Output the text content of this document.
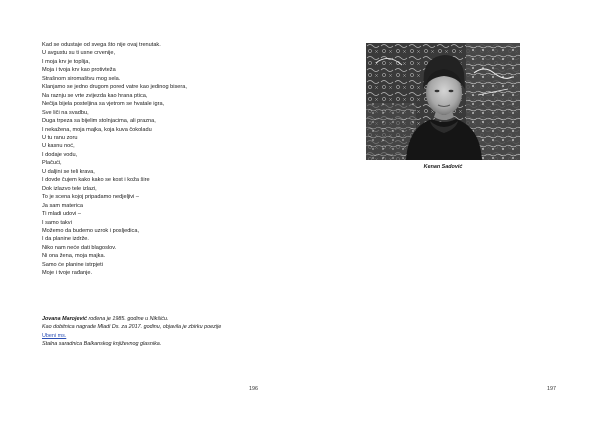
Kad se odustaje od svega što nije ovaj trenutak.
U avgustu su ti usne crvenije,
I moja krv je toplija,
Moja i tvoja krv kao protivteža
Strašnom siromaštvu mog sela.
Klanjamo se jedno drugom pored vatre kao jedinog bisera,
Na raznju se vrte zvijezda kao hrana ptica,
Nečija bijela posteljina sa vjetrom se hvatale igra,
Sve liči na svadbu,
Duga trpeza sa bijelim stolnjacima, ali prazna,
I nekažena, moja majka, koja kuva čokoladu
U tu ranu zoru
U kasnu noć,
I dodaje vodu,
Plačući,
U daljini se teli krava,
I dovde čujem kako kako se kost i koža šire
Dok izlazvo tele izlazi,
To je scena kojoj pripadamo nedjeljivi –
Ja sam materica
Ti mladi udovi –
I samo takvi
Možemo da budemo uzrok i posljedica,
I da planine izdrže.
Niko nam neće dati blagoslov.
Ni ona žena, moja majka.
Samo će planine istrpjeti
Moje i tvoje rađanje.
Jovana Marojević rođena je 1985. godine u Nikšiću.
Kao dobitnica nagrade Mladi Ds. za 2017. godinu, objavila je zbirku poezije
Ubeni ms.
Stalna saradnica Balkanskog književnog glasnika.
196
Kenan Sadović
197
